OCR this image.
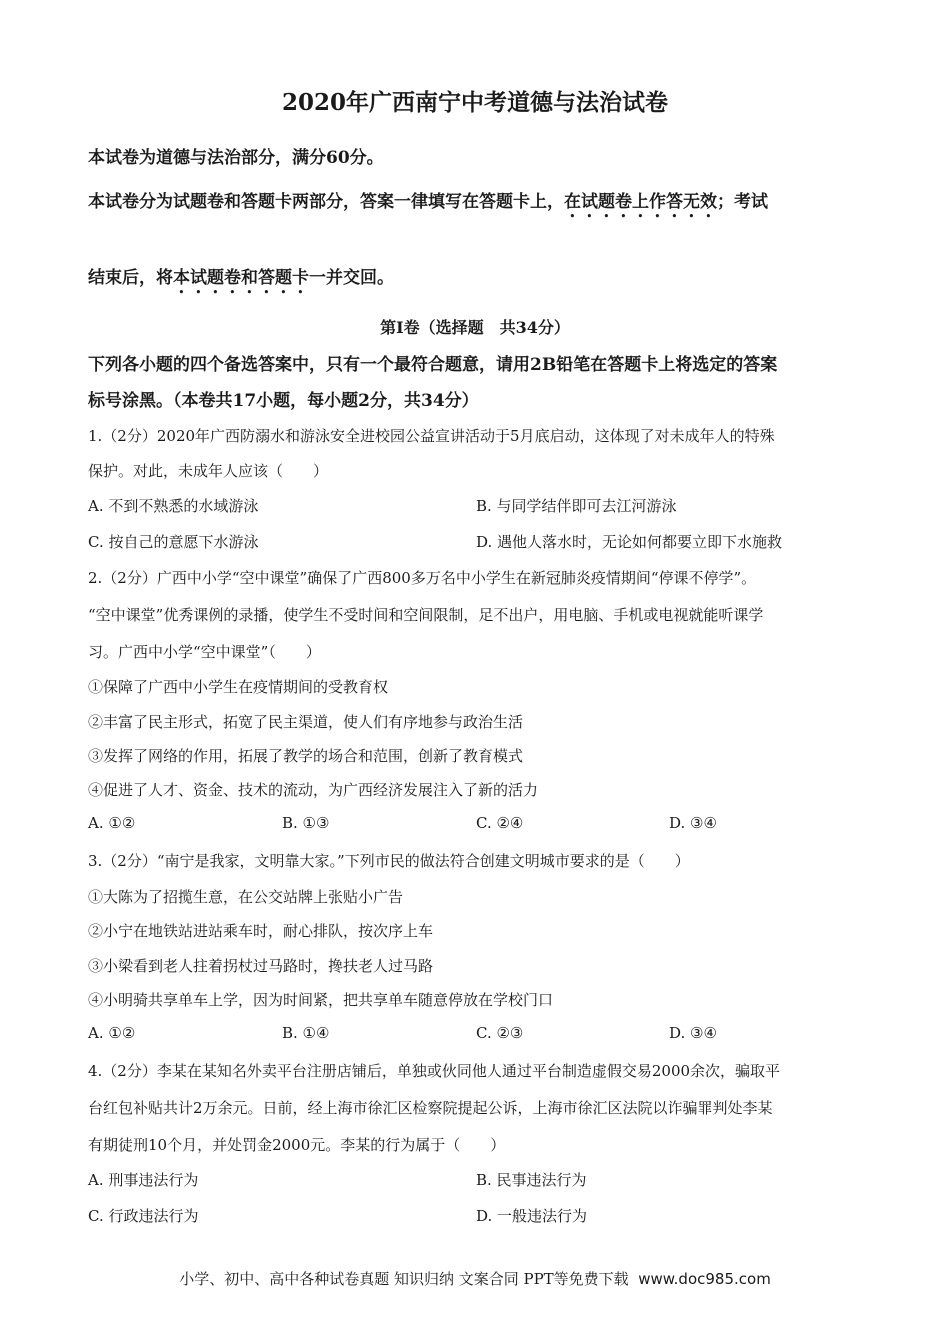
2020年广西南宁中考道德与法治试卷
本试卷为道德与法治部分，满分60分。
本试卷分为试题卷和答题卡两部分，答案一律填写在答题卡上，在试题卷上作答无效；考试
结束后，将本试题卷和答题卡一并交回。
第Ⅰ卷（选择题　共34分）
下列各小题的四个备选答案中，只有一个最符合题意，请用2B铅笔在答题卡上将选定的答案
标号涂黑。（本卷共17小题，每小题2分，共34分）
1.（2分）2020年广西防溺水和游泳安全进校园公益宣讲活动于5月底启动，这体现了对未成年人的特殊
保护。对此，未成年人应该（　　）
A. 不到不熟悉的水域游泳	B. 与同学结伴即可去江河游泳
C. 按自己的意愿下水游泳	D. 遇他人落水时，无论如何都要立即下水施救
2.（2分）广西中小学“空中课堂”确保了广西800多万名中小学生在新冠肺炎疫情期间“停课不停学”。
“空中课堂”优秀课例的录播，使学生不受时间和空间限制，足不出户，用电脑、手机或电视就能听课学
习。广西中小学“空中课堂”（　　）
①保障了广西中小学生在疫情期间的受教育权
②丰富了民主形式，拓宽了民主渠道，使人们有序地参与政治生活
③发挥了网络的作用，拓展了教学的场合和范围，创新了教育模式
④促进了人才、资金、技术的流动，为广西经济发展注入了新的活力
A. ①②	B. ①③	C. ②④	D. ③④
3.（2分）“南宁是我家，文明靠大家。”下列市民的做法符合创建文明城市要求的是（　　）
①大陈为了招揽生意，在公交站牌上张贴小广告
②小宁在地铁站进站乘车时，耐心排队，按次序上车
③小梁看到老人拄着拐杖过马路时，搀扶老人过马路
④小明骑共享单车上学，因为时间紧，把共享单车随意停放在学校门口
A. ①②	B. ①④	C. ②③	D. ③④
4.（2分）李某在某知名外卖平台注册店铺后，单独或伙同他人通过平台制造虚假交易2000余次，骗取平
台红包补贴共计2万余元。日前，经上海市徐汇区检察院提起公诉，上海市徐汇区法院以诈骗罪判处李某
有期徒刑10个月，并处罚金2000元。李某的行为属于（　　）
A. 刑事违法行为	B. 民事违法行为
C. 行政违法行为	D. 一般违法行为
小学、初中、高中各种试卷真题 知识归纳 文案合同 PPT等免费下载 www.doc985.com
